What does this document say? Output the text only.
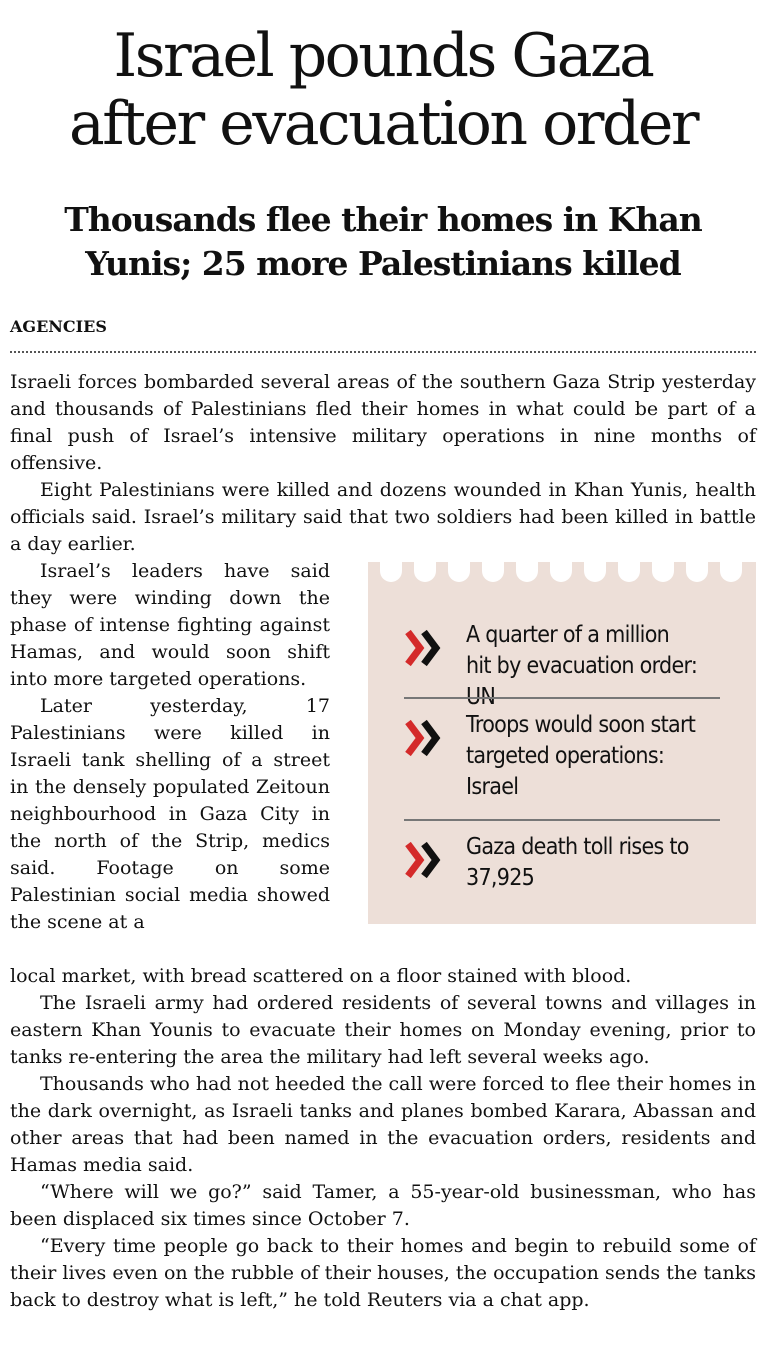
Israel pounds Gaza
after evacuation order
Thousands flee their homes in Khan
Yunis; 25 more Palestinians killed
AGENCIES

Israeli forces bombarded several areas of the southern Gaza Strip yesterday and thousands of Palestinians fled their homes in what could be part of a final push of Israel’s intensive military operations in nine months of offensive.

Eight Palestinians were killed and dozens wounded in Khan Yunis, health officials said. Israel’s military said that two soldiers had been killed in battle a day earlier.

Israel’s leaders have said they were winding down the phase of intense fighting against Hamas, and would soon shift into more targeted operations.

Later yesterday, 17 Palestinians were killed in Israeli tank shelling of a street in the densely populated Zeitoun neighbourhood in Gaza City in the north of the Strip, medics said. Footage on some Palestinian social media showed the scene at a

local market, with bread scattered on a floor stained with blood.

The Israeli army had ordered residents of several towns and villages in eastern Khan Younis to evacuate their homes on Monday evening, prior to tanks re-entering the area the military had left several weeks ago.

Thousands who had not heeded the call were forced to flee their homes in the dark overnight, as Israeli tanks and planes bombed Karara, Abassan and other areas that had been named in the evacuation orders, residents and Hamas media said.

“Where will we go?” said Tamer, a 55-year-old businessman, who has been displaced six times since October 7.

“Every time people go back to their homes and begin to rebuild some of their lives even on the rubble of their houses, the occupation sends the tanks back to destroy what is left,” he told Reuters via a chat app.

A quarter of a million hit by evacuation order: UN
Troops would soon start targeted operations: Israel
Gaza death toll rises to 37,925
